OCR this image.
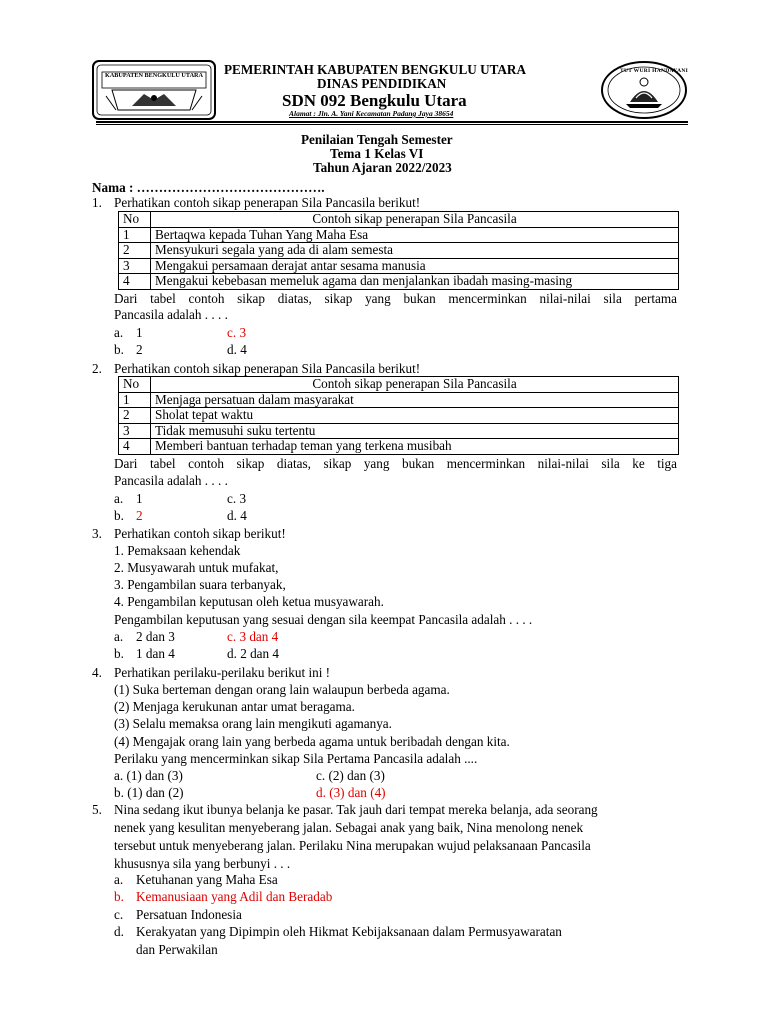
KABUPATEN BENGKULU UTARA
TUT WURI HANDAYANI
PEMERINTAH KABUPATEN BENGKULU UTARA
DINAS PENDIDIKAN
SDN 092 Bengkulu Utara
Alamat : Jln. A. Yani Kecamatan Padang Jaya 38654
Penilaian Tengah Semester
Tema 1 Kelas VI
Tahun Ajaran 2022/2023
Nama : …………………………………….
1. Perhatikan contoh sikap penerapan Sila Pancasila berikut!
No	Contoh sikap penerapan Sila Pancasila
1	Bertaqwa kepada Tuhan Yang Maha Esa
2	Mensyukuri segala yang ada di alam semesta
3	Mengakui persamaan derajat antar sesama manusia
4	Mengakui kebebasan memeluk agama dan menjalankan ibadah masing-masing
Dari tabel contoh sikap diatas, sikap yang bukan mencerminkan nilai-nilai sila pertama
Pancasila adalah . . . .
a. 1	c. 3
b. 2	d. 4
2. Perhatikan contoh sikap penerapan Sila Pancasila berikut!
No	Contoh sikap penerapan Sila Pancasila
1	Menjaga persatuan dalam masyarakat
2	Sholat tepat waktu
3	Tidak memusuhi suku tertentu
4	Memberi bantuan terhadap teman yang terkena musibah
Dari tabel contoh sikap diatas, sikap yang bukan mencerminkan nilai-nilai sila ke tiga
Pancasila adalah . . . .
a. 1	c. 3
b. 2	d. 4
3. Perhatikan contoh sikap berikut!
1. Pemaksaan kehendak
2. Musyawarah untuk mufakat,
3. Pengambilan suara terbanyak,
4. Pengambilan keputusan oleh ketua musyawarah.
Pengambilan keputusan yang sesuai dengan sila keempat Pancasila adalah . . . .
a. 2 dan 3	c. 3 dan 4
b. 1 dan 4	d. 2 dan 4
4. Perhatikan perilaku-perilaku berikut ini !
(1) Suka berteman dengan orang lain walaupun berbeda agama.
(2) Menjaga kerukunan antar umat beragama.
(3) Selalu memaksa orang lain mengikuti agamanya.
(4) Mengajak orang lain yang berbeda agama untuk beribadah dengan kita.
Perilaku yang mencerminkan sikap Sila Pertama Pancasila adalah ....
a. (1) dan (3)	c. (2) dan (3)
b. (1) dan (2)	d. (3) dan (4)
5. Nina sedang ikut ibunya belanja ke pasar. Tak jauh dari tempat mereka belanja, ada seorang
nenek yang kesulitan menyeberang jalan. Sebagai anak yang baik, Nina menolong nenek
tersebut untuk menyeberang jalan. Perilaku Nina merupakan wujud pelaksanaan Pancasila
khususnya sila yang berbunyi . . .
a. Ketuhanan yang Maha Esa
b. Kemanusiaan yang Adil dan Beradab
c. Persatuan Indonesia
d. Kerakyatan yang Dipimpin oleh Hikmat Kebijaksanaan dalam Permusyawaratan
dan Perwakilan
